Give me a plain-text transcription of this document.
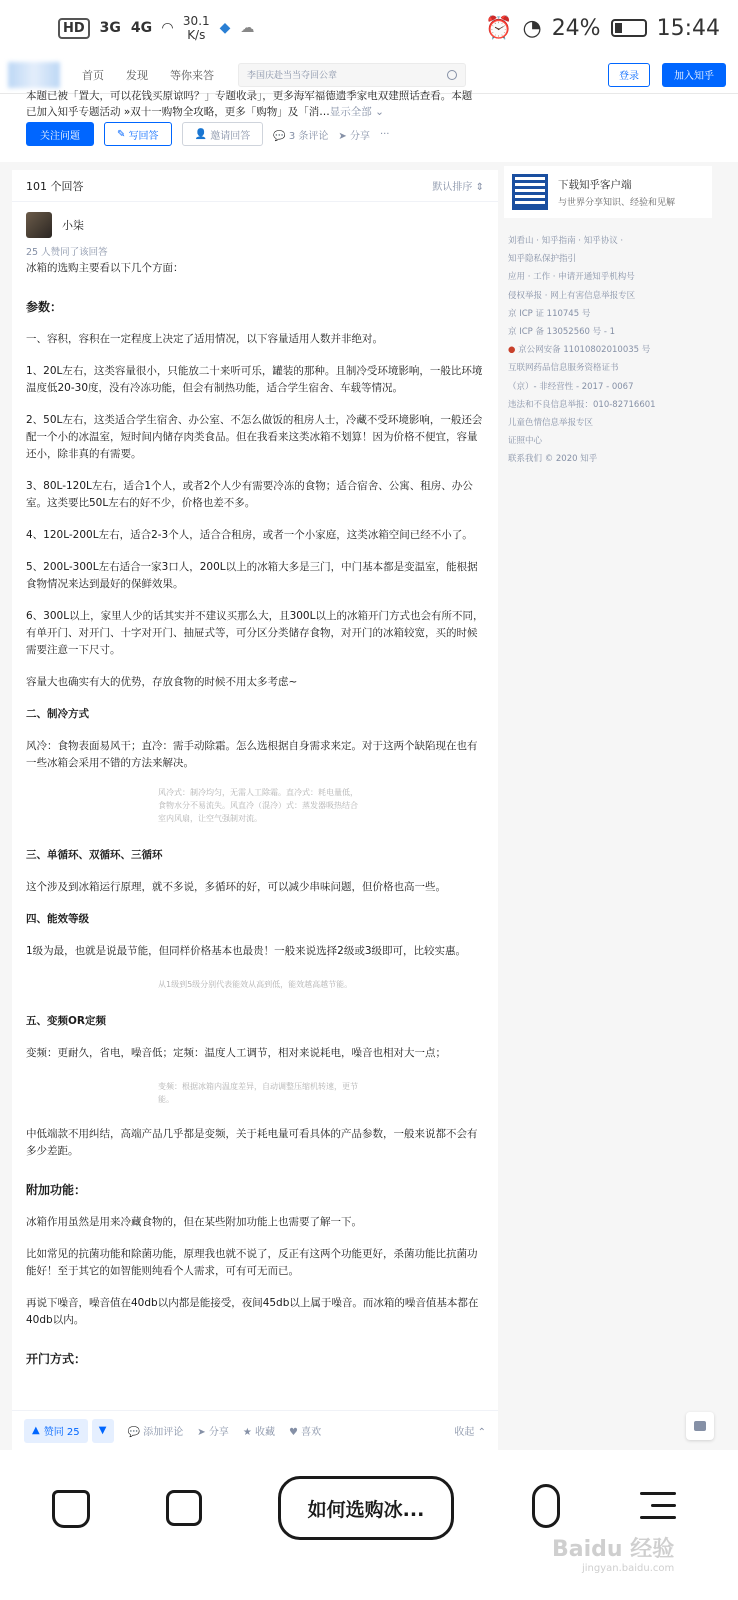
HD	3G 4G ◠ 30.1
K/s	◆ ☁	⏰ ◔ 24%	15:44
首页 发现 等你来答	李国庆赴当当夺回公章	登录	加入知乎
本题已被「置大，可以花钱买原谅吗？」专题收录」，更多海军福德遗季家电双建照话查看。本题
已加入知乎专题活动 »双十一购物全攻略，更多「购物」及「消…显示全部 ⌄
关注问题	✎ 写回答	👤 邀请回答 💬 3 条评论 ➤ 分享 ···
101 个回答	默认排序 ⇕
小柒
25 人赞同了该回答

冰箱的选购主要看以下几个方面：

参数：

一、容积，容积在一定程度上决定了适用情况，以下容量适用人数并非绝对。

1、20L左右，这类容量很小，只能放二十来听可乐，罐装的那种。且制冷受环境影响，一般比环境温度低20-30度，没有冷冻功能，但会有制热功能，适合学生宿舍、车载等情况。

2、50L左右，这类适合学生宿舍、办公室、不怎么做饭的租房人士，冷藏不受环境影响，一般还会配一个小的冰温室，短时间内储存肉类食品。但在我看来这类冰箱不划算！因为价格不便宜，容量还小，除非真的有需要。

3、80L-120L左右，适合1个人，或者2个人少有需要冷冻的食物；适合宿舍、公寓、租房、办公室。这类要比50L左右的好不少，价格也差不多。

4、120L-200L左右，适合2-3个人，适合合租房，或者一个小家庭，这类冰箱空间已经不小了。

5、200L-300L左右适合一家3口人，200L以上的冰箱大多是三门，中门基本都是变温室，能根据食物情况来达到最好的保鲜效果。

6、300L以上，家里人少的话其实并不建议买那么大，且300L以上的冰箱开门方式也会有所不同，有单开门、对开门、十字对开门、抽屉式等，可分区分类储存食物，对开门的冰箱较宽，买的时候需要注意一下尺寸。

容量大也确实有大的优势，存放食物的时候不用太多考虑~

二、制冷方式

风冷：食物表面易风干；直冷：需手动除霜。怎么选根据自身需求来定。对于这两个缺陷现在也有一些冰箱会采用不错的方法来解决。

风冷式：制冷均匀，无需人工除霜。直冷式：耗电量低，食物水分不易流失。风直冷（混冷）式：蒸发器吸热结合室内风扇，让空气强制对流。
三、单循环、双循环、三循环

这个涉及到冰箱运行原理，就不多说，多循环的好，可以减少串味问题，但价格也高一些。

四、能效等级

1级为最，也就是说最节能，但同样价格基本也最贵！一般来说选择2级或3级即可，比较实惠。

从1级到5级分别代表能效从高到低，能效越高越节能。
五、变频OR定频

变频：更耐久，省电，噪音低；定频：温度人工调节，相对来说耗电，噪音也相对大一点；

变频：根据冰箱内温度差异，自动调整压缩机转速，更节能。

中低端款不用纠结，高端产品几乎都是变频，关于耗电量可看具体的产品参数，一般来说都不会有多少差距。

附加功能：

冰箱作用虽然是用来冷藏食物的，但在某些附加功能上也需要了解一下。

比如常见的抗菌功能和除菌功能，原理我也就不说了，反正有这两个功能更好，杀菌功能比抗菌功能好！至于其它的如智能则纯看个人需求，可有可无而已。

再说下噪音，噪音值在40db以内都是能接受，夜间45db以上属于噪音。而冰箱的噪音值基本都在40db以内。

开门方式：
▲ 赞同 25 ▼ 💬 添加评论 ➤ 分享 ★ 收藏 ♥ 喜欢	收起 ⌃
下载知乎客户端
与世界分享知识、经验和见解
刘看山 · 知乎指南 · 知乎协议 ·
知乎隐私保护指引
应用 · 工作 · 申请开通知乎机构号
侵权举报 · 网上有害信息举报专区
京 ICP 证 110745 号
京 ICP 备 13052560 号 - 1
● 京公网安备 11010802010035 号
互联网药品信息服务资格证书
（京）- 非经营性 - 2017 - 0067
违法和不良信息举报：010-82716601
儿童色情信息举报专区
证照中心
联系我们 © 2020 知乎
如何选购冰...
Baidu 经验
jingyan.baidu.com
